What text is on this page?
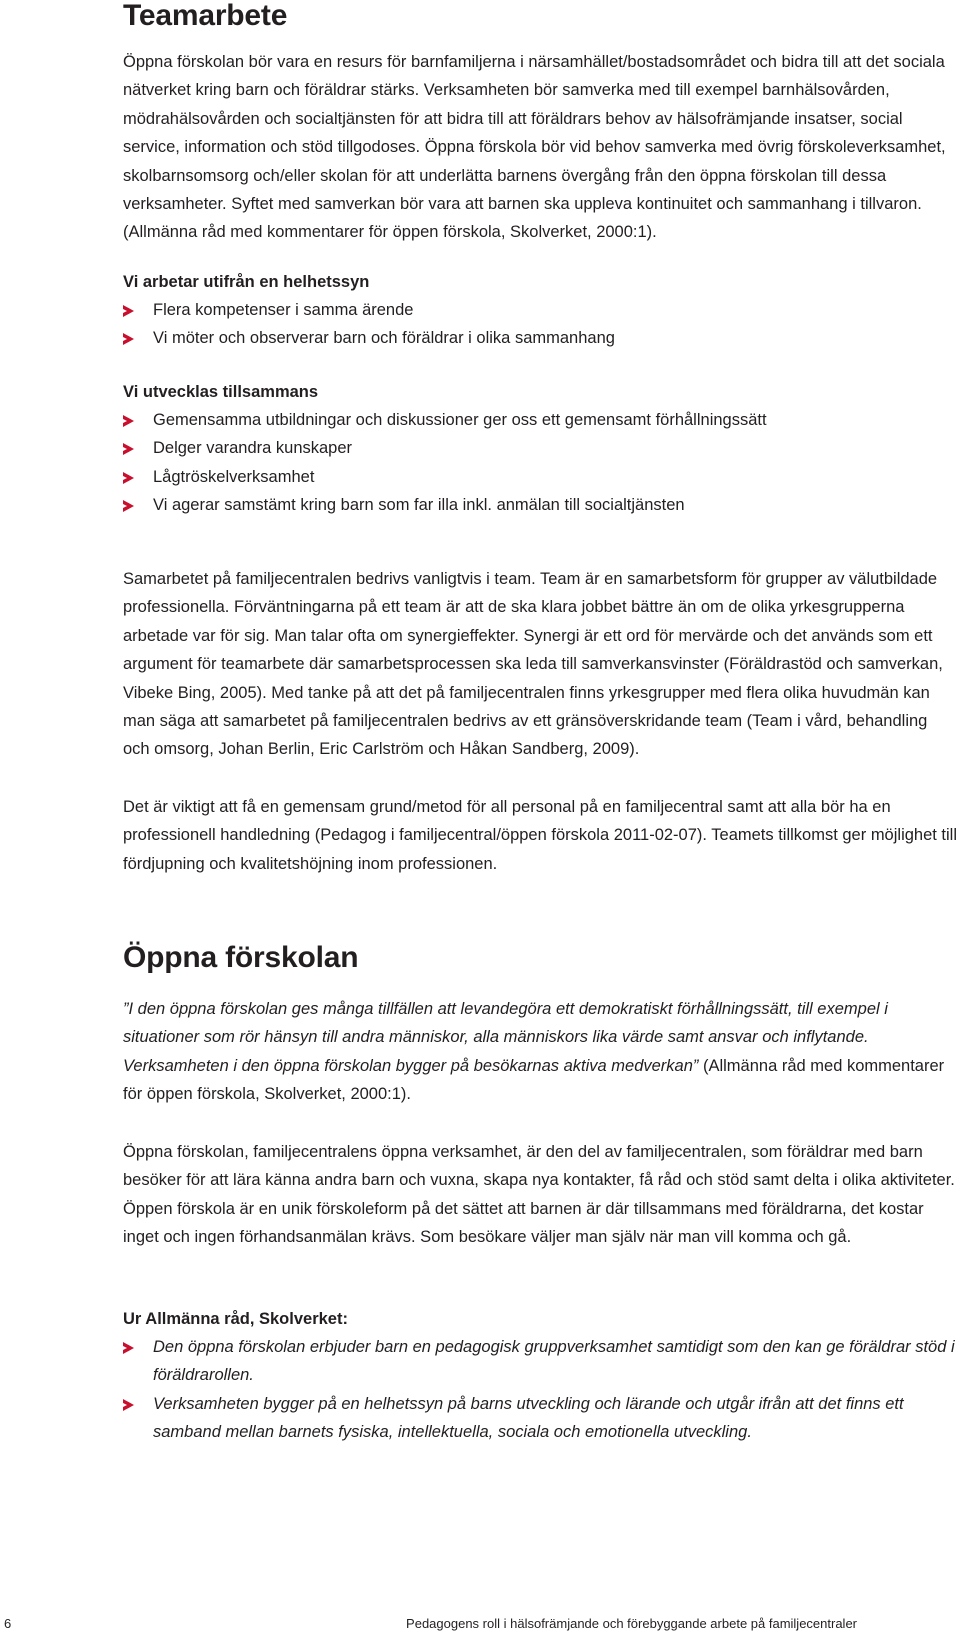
Teamarbete

Öppna förskolan bör vara en resurs för barnfamiljerna i närsamhället/bostadsområdet och bidra till att det sociala nätverket kring barn och föräldrar stärks. Verksamheten bör samverka med till exempel barnhälsovården, mödrahälsovården och socialtjänsten för att bidra till att föräldrars behov av hälsofrämjande insatser, social service, information och stöd tillgodoses. Öppna förskola bör vid behov samverka med övrig förskoleverksamhet, skolbarnsomsorg och/eller skolan för att underlätta barnens övergång från den öppna förskolan till dessa verksamheter. Syftet med samverkan bör vara att barnen ska uppleva kontinuitet och sammanhang i tillvaron. (Allmänna råd med kommentarer för öppen förskola, Skolverket, 2000:1).

Vi arbetar utifrån en helhetssyn
Flera kompetenser i samma ärende
Vi möter och observerar barn och föräldrar i olika sammanhang
Vi utvecklas tillsammans
Gemensamma utbildningar och diskussioner ger oss ett gemensamt förhållningssätt
Delger varandra kunskaper
Lågtröskelverksamhet
Vi agerar samstämt kring barn som far illa inkl. anmälan till socialtjänsten

Samarbetet på familjecentralen bedrivs vanligtvis i team. Team är en samarbetsform för grupper av välutbildade professionella. Förväntningarna på ett team är att de ska klara jobbet bättre än om de olika yrkesgrupperna arbetade var för sig. Man talar ofta om synergieffekter. Synergi är ett ord för mervärde och det används som ett argument för teamarbete där samarbetsprocessen ska leda till samverkansvinster (Föräldrastöd och samverkan, Vibeke Bing, 2005). Med tanke på att det på familjecentralen finns yrkesgrupper med flera olika huvudmän kan man säga att samarbetet på familjecentralen bedrivs av ett gränsöverskridande team (Team i vård, behandling och omsorg, Johan Berlin, Eric Carlström och Håkan Sandberg, 2009).

Det är viktigt att få en gemensam grund/metod för all personal på en familjecentral samt att alla bör ha en professionell handledning (Pedagog i familjecentral/öppen förskola 2011-02-07). Teamets tillkomst ger möjlighet till fördjupning och kvalitetshöjning inom professionen.

Öppna förskolan

”I den öppna förskolan ges många tillfällen att levandegöra ett demokratiskt förhållningssätt, till exempel i situationer som rör hänsyn till andra människor, alla människors lika värde samt ansvar och inflytande. Verksamheten i den öppna förskolan bygger på besökarnas aktiva medverkan” (Allmänna råd med kommentarer för öppen förskola, Skolverket, 2000:1).

Öppna förskolan, familjecentralens öppna verksamhet, är den del av familjecentralen, som föräldrar med barn besöker för att lära känna andra barn och vuxna, skapa nya kontakter, få råd och stöd samt delta i olika aktiviteter. Öppen förskola är en unik förskoleform på det sättet att barnen är där tillsammans med föräldrarna, det kostar inget och ingen förhandsanmälan krävs. Som besökare väljer man själv när man vill komma och gå.

Ur Allmänna råd, Skolverket:
Den öppna förskolan erbjuder barn en pedagogisk gruppverksamhet samtidigt som den kan ge föräldrar stöd i föräldrarollen.
Verksamheten bygger på en helhetssyn på barns utveckling och lärande och utgår ifrån att det finns ett samband mellan barnets fysiska, intellektuella, sociala och emotionella utveckling.
6	Pedagogens roll i hälsofrämjande och förebyggande arbete på familjecentraler
